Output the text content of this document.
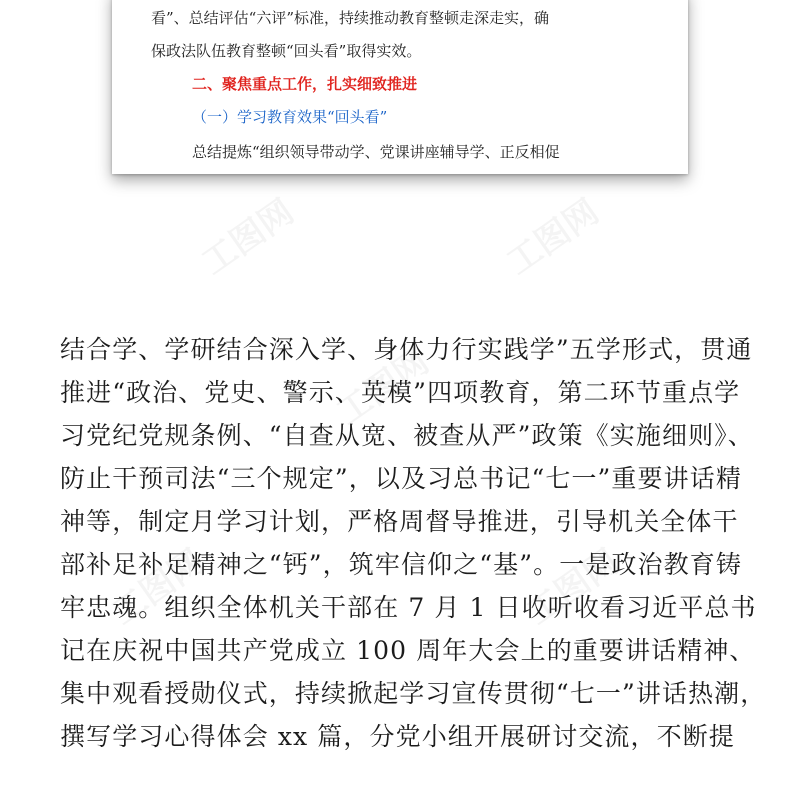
看”、总结评估“六评”标准，持续推动教育整顿走深走实，确
保政法队伍教育整顿“回头看”取得实效。
二、聚焦重点工作，扎实细致推进
（一）学习教育效果“回头看”
总结提炼“组织领导带动学、党课讲座辅导学、正反相促
结合学、学研结合深入学、身体力行实践学”五学形式，贯通
推进“政治、党史、警示、英模”四项教育，第二环节重点学
习党纪党规条例、“自查从宽、被查从严”政策《实施细则》、
防止干预司法“三个规定”，以及习总书记“七一”重要讲话精
神等，制定月学习计划，严格周督导推进，引导机关全体干
部补足补足精神之“钙”，筑牢信仰之“基”。一是政治教育铸
牢忠魂。组织全体机关干部在 7 月 1 日收听收看习近平总书
记在庆祝中国共产党成立 100 周年大会上的重要讲话精神、
集中观看授勋仪式，持续掀起学习宣传贯彻“七一”讲话热潮，
撰写学习心得体会 xx 篇，分党小组开展研讨交流，不断提
